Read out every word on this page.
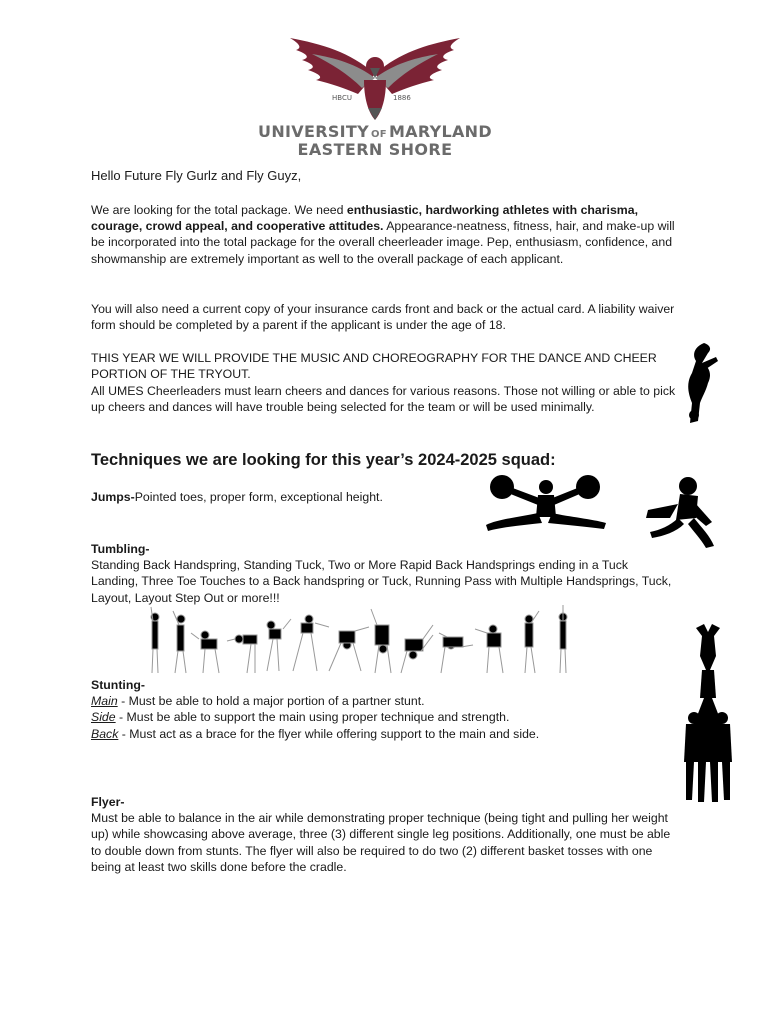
HBCU	1886
UNIVERSITY OF MARYLAND
EASTERN SHORE
Hello Future Fly Gurlz and Fly Guyz,
We are looking for the total package. We need enthusiastic, hardworking athletes with charisma, courage, crowd appeal, and cooperative attitudes. Appearance-neatness, fitness, hair, and make-up will be incorporated into the total package for the overall cheerleader image. Pep, enthusiasm, confidence, and showmanship are extremely important as well to the overall package of each applicant.
You will also need a current copy of your insurance cards front and back or the actual card. A liability waiver form should be completed by a parent if the applicant is under the age of 18.
THIS YEAR WE WILL PROVIDE THE MUSIC AND CHOREOGRAPHY FOR THE DANCE AND CHEER PORTION OF THE TRYOUT.
All UMES Cheerleaders must learn cheers and dances for various reasons. Those not willing or able to pick up cheers and dances will have trouble being selected for the team or will be used minimally.
Techniques we are looking for this year’s 2024-2025 squad:
Jumps-Pointed toes, proper form, exceptional height.
Tumbling-
Standing Back Handspring, Standing Tuck, Two or More Rapid Back Handsprings ending in a Tuck Landing, Three Toe Touches to a Back handspring or Tuck, Running Pass with Multiple Handsprings, Tuck, Layout, Layout Step Out or more!!!
Stunting-
Main - Must be able to hold a major portion of a partner stunt.
Side - Must be able to support the main using proper technique and strength.
Back - Must act as a brace for the flyer while offering support to the main and side.
Flyer-
Must be able to balance in the air while demonstrating proper technique (being tight and pulling her weight up) while showcasing above average, three (3) different single leg positions. Additionally, one must be able to double down from stunts. The flyer will also be required to do two (2) different basket tosses with one being at least two skills done before the cradle.
